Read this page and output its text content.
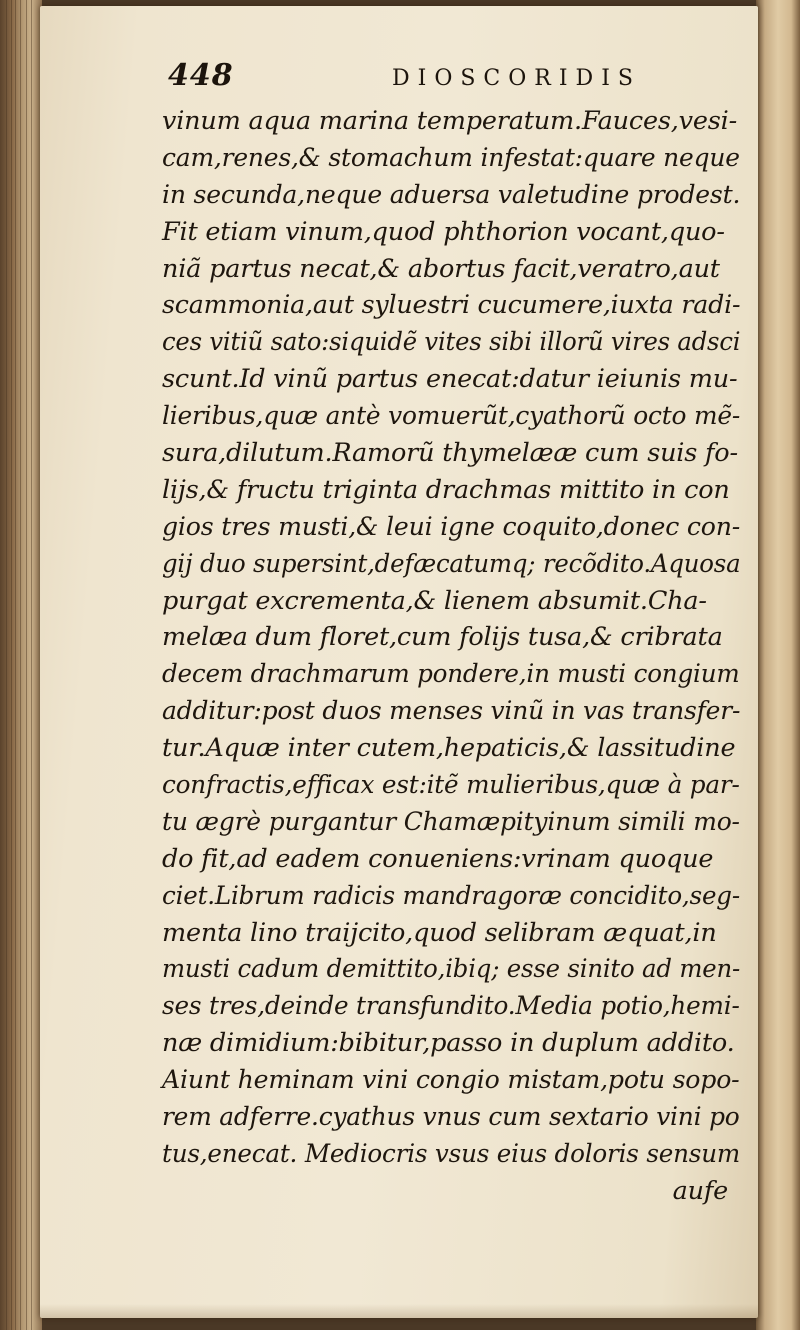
448	DIOSCORIDIS
vinum aqua marina temperatum.Fauces,vesi-
cam,renes,& stomachum infestat:quare neque
in secunda,neque aduersa valetudine prodest.
Fit etiam vinum,quod phthorion vocant,quo-
niã partus necat,& abortus facit,veratro,aut
scammonia,aut syluestri cucumere,iuxta radi-
ces vitiũ sato:siquidẽ vites sibi illorũ vires adsci
scunt.Id vinũ partus enecat:datur ieiunis mu-
lieribus,quæ antè vomuerũt,cyathorũ octo mẽ-
sura,dilutum.Ramorũ thymelææ cum suis fo-
lijs,& fructu triginta drachmas mittito in con
gios tres musti,& leui igne coquito,donec con-
gij duo supersint,defæcatumq; recõdito.Aquosa
purgat excrementa,& lienem absumit.Cha-
melæa dum floret,cum folijs tusa,& cribrata
decem drachmarum pondere,in musti congium
additur:post duos menses vinũ in vas transfer-
tur.Aquæ inter cutem,hepaticis,& lassitudine
confractis,efficax est:itẽ mulieribus,quæ à par-
tu ægrè purgantur Chamæpityinum simili mo-
do fit,ad eadem conueniens:vrinam quoque
ciet.Librum radicis mandragoræ concidito,seg-
menta lino traijcito,quod selibram æquat,in
musti cadum demittito,ibiq; esse sinito ad men-
ses tres,deinde transfundito.Media potio,hemi-
næ dimidium:bibitur,passo in duplum addito.
Aiunt heminam vini congio mistam,potu sopo-
rem adferre.cyathus vnus cum sextario vini po
tus,enecat. Mediocris vsus eius doloris sensum
aufe
